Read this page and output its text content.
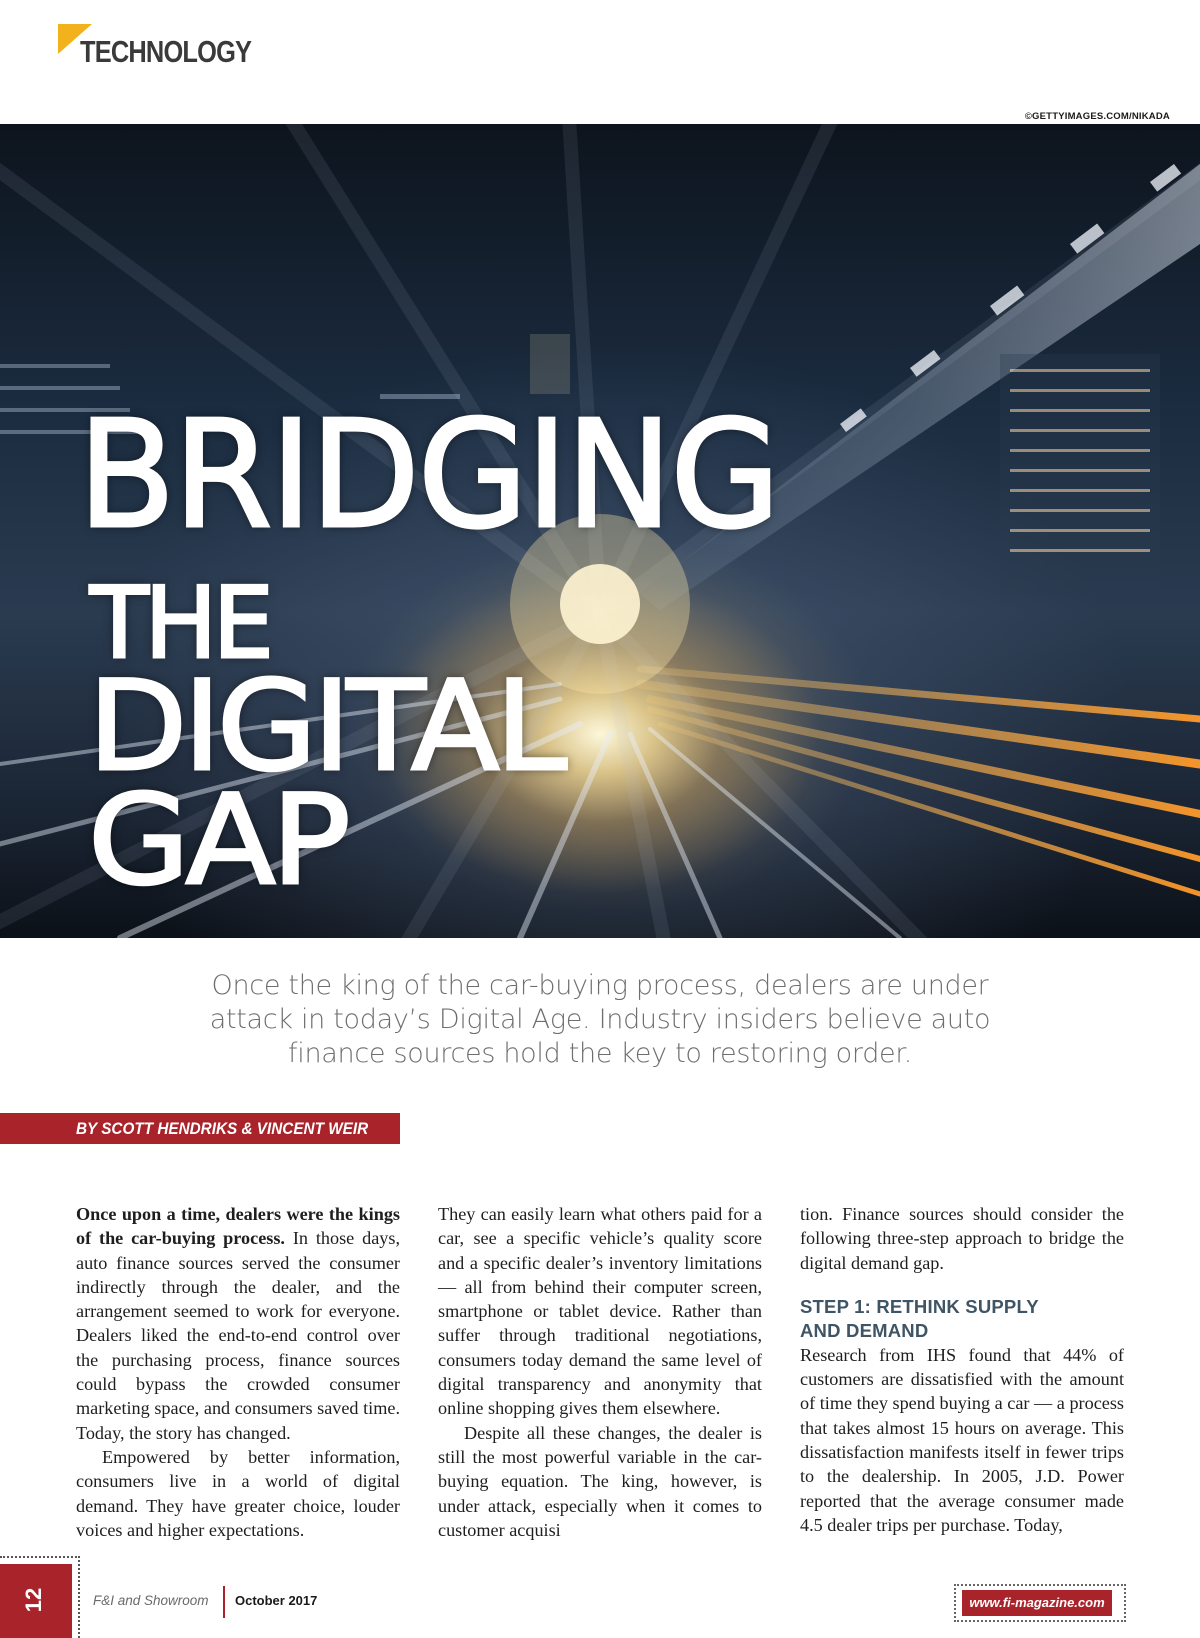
TECHNOLOGY
©GETTYIMAGES.COM/NIKADA
BRIDGING
THE
DIGITAL
GAP
Once the king of the car-buying process, dealers are under
attack in today’s Digital Age. Industry insiders believe auto
finance sources hold the key to restoring order.
BY SCOTT HENDRIKS & VINCENT WEIR

Once upon a time, dealers were the kings of the car-buying process. In those days, auto finance sources served the consumer indirectly through the dealer, and the arrangement seemed to work for everyone. Dealers liked the end-to-end control over the purchasing process, finance sources could bypass the crowded consumer marketing space, and consumers saved time. Today, the story has changed.

Empowered by better information, consumers live in a world of digital demand. They have greater choice, louder voices and higher expectations.

They can easily learn what others paid for a car, see a specific vehicle’s quality score and a specific dealer’s inventory limitations — all from behind their computer screen, smartphone or tablet device. Rather than suffer through traditional negotiations, consumers today demand the same level of digital transparency and anonymity that online shopping gives them elsewhere.

Despite all these changes, the dealer is still the most powerful variable in the car-buying equation. The king, however, is under attack, especially when it comes to customer acquisi

tion. Finance sources should consider the following three-step approach to bridge the digital demand gap.

STEP 1: RETHINK SUPPLY
AND DEMAND

Research from IHS found that 44% of customers are dissatisfied with the amount of time they spend buying a car — a process that takes almost 15 hours on average. This dissatisfaction manifests itself in fewer trips to the dealership. In 2005, J.D. Power reported that the average consumer made 4.5 dealer trips per purchase. Today,

12	F&I and Showroom October 2017	www.fi-magazine.com
